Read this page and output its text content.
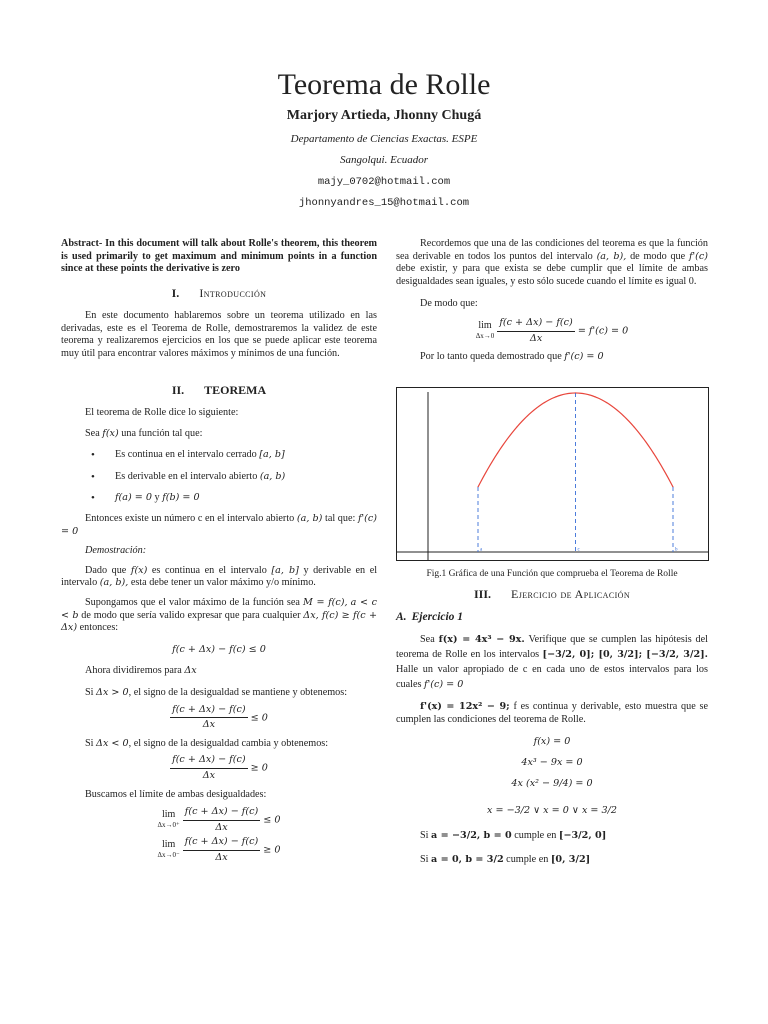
Teorema de Rolle
Marjory Artieda, Jhonny Chugá
Departamento de Ciencias Exactas. ESPE
Sangolqui. Ecuador
majy_0702@hotmail.com
jhonnyandres_15@hotmail.com

Abstract- In this document will talk about Rolle's theorem, this theorem is used primarily to get maximum and minimum points in a function since at these points the derivative is zero

I. Introducción

En este documento hablaremos sobre un teorema utilizado en las derivadas, este es el Teorema de Rolle, demostraremos la validez de este teorema y realizaremos ejercicios en los que se puede aplicar este teorema muy útil para encontrar valores máximos y mínimos de una función.

II. TEOREMA

El teorema de Rolle dice lo siguiente:

Sea f(x) una función tal que:

• Es continua en el intervalo cerrado [a, b]

• Es derivable en el intervalo abierto (a, b)

• f(a) = 0 y f(b) = 0

Entonces existe un número c en el intervalo abierto (a, b) tal que: f'(c) = 0

Demostración:

Dado que f(x) es continua en el intervalo [a, b] y derivable en el intervalo (a, b), esta debe tener un valor máximo y/o mínimo.

Supongamos que el valor máximo de la función sea M = f(c), a < c < b de modo que sería valido expresar que para cualquier Δx, f(c) ≥ f(c + Δx) entonces:

f(c + Δx) − f(c) ≤ 0

Ahora dividiremos para Δx

Si Δx > 0, el signo de la desigualdad se mantiene y obtenemos:

$\frac{f(c + \Delta x) - f(c)}{\Delta x} \le 0$

Si Δx < 0, el signo de la desigualdad cambia y obtenemos:

$\frac{f(c + \Delta x) - f(c)}{\Delta x} \ge 0$

Buscamos el límite de ambas desigualdades:

lim
Δx→0⁺
$\frac{f(c + \Delta x) - f(c)}{\Delta x} \le 0$

lim
Δx→0⁻
$\frac{f(c + \Delta x) - f(c)}{\Delta x} \ge 0$

Recordemos que una de las condiciones del teorema es que la función sea derivable en todos los puntos del intervalo (a, b), de modo que f'(c) debe existir, y para que exista se debe cumplir que el límite de ambas desigualdades sean iguales, y esto sólo sucede cuando el límite es igual 0.

De modo que:

lim
Δx→0
$\frac{f(c + \Delta x) - f(c)}{\Delta x} = f'(c) = 0$

Por lo tanto queda demostrado que f'(c) = 0

a	c	b
Fig.1 Gráfica de una Función que comprueba el Teorema de Rolle
III. Ejercicio de Aplicación
A. Ejercicio 1

Sea f(x) = 4x³ − 9x. Verifique que se cumplen las hipótesis del teorema de Rolle en los intervalos [−3/2, 0]; [0, 3/2]; [−3/2, 3/2]. Halle un valor apropiado de c en cada uno de estos intervalos para los cuales f'(c) = 0

f'(x) = 12x² − 9; f es continua y derivable, esto muestra que se cumplen las condiciones del teorema de Rolle.

f(x) = 0

4x³ − 9x = 0

4x (x² − 9/4) = 0

x = −3/2 ∨ x = 0 ∨ x = 3/2

Si a = −3/2, b = 0 cumple en [−3/2, 0]

Si a = 0, b = 3/2 cumple en [0, 3/2]
